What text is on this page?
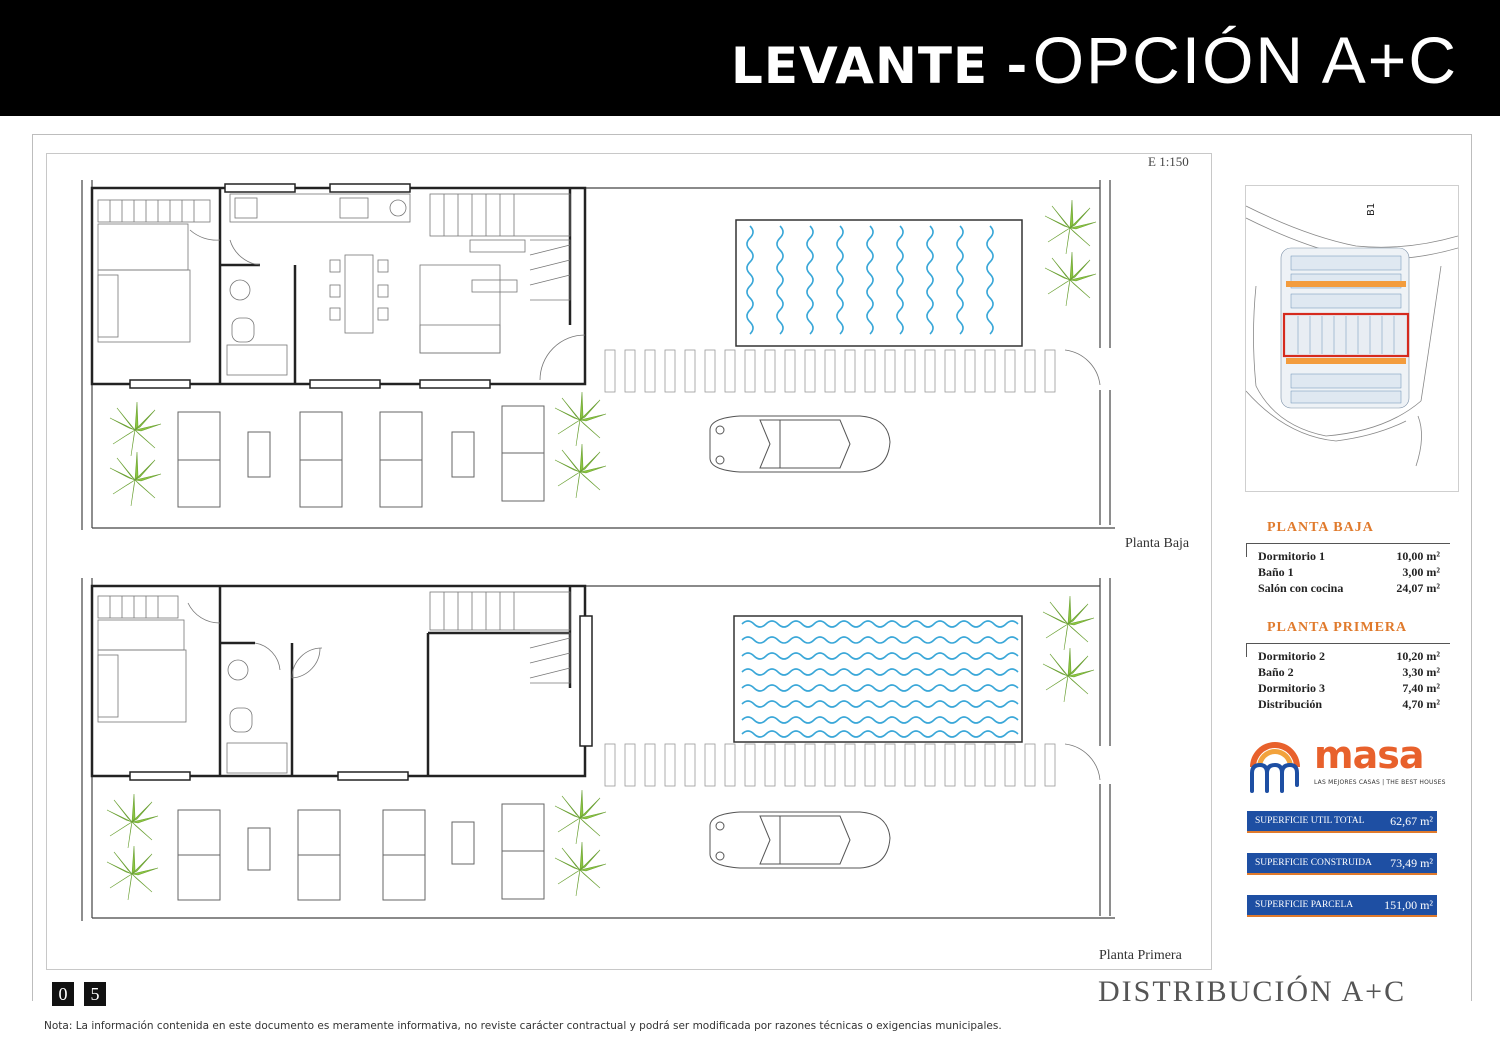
LEVANTE - OPCIÓN A+C
E 1:150
Planta Baja
Planta Primera
B1
PLANTA BAJA
Dormitorio 1	10,00 m²
Baño 1	3,00 m²
Salón con cocina	24,07 m²
PLANTA PRIMERA
Dormitorio 2	10,20 m²
Baño 2	3,30 m²
Dormitorio 3	7,40 m²
Distribución	4,70 m²
masa
LAS MEJORES CASAS | THE BEST HOUSES
SUPERFICIE UTIL TOTAL 62,67 m²
SUPERFICIE CONSTRUIDA 73,49 m²
SUPERFICIE PARCELA	151,00 m²
0	5	DISTRIBUCIÓN A+C
Nota: La información contenida en este documento es meramente informativa, no reviste carácter contractual y podrá ser modificada por razones técnicas o exigencias municipales.
